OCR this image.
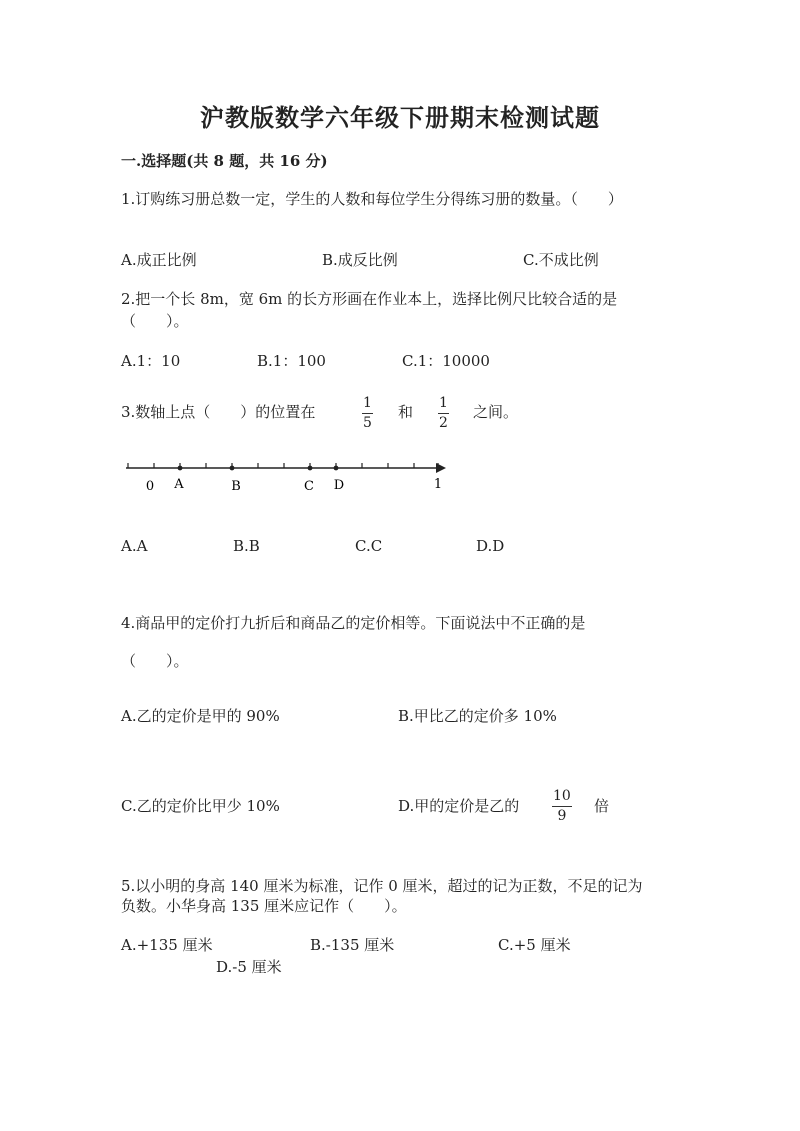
沪教版数学六年级下册期末检测试题
一.选择题(共 8 题，共 16 分)
1.订购练习册总数一定，学生的人数和每位学生分得练习册的数量。（　　）
A.成正比例	B.成反比例	C.不成比例
2.把一个长 8m，宽 6m 的长方形画在作业本上，选择比例尺比较合适的是
（　　）。
A.1：10	B.1：100	C.1：10000
3.数轴上点（　　）的位置在	1
5
和 1
2
之间。
0 A	B	C D	1
A.A	B.B	C.C	D.D
4.商品甲的定价打九折后和商品乙的定价相等。下面说法中不正确的是
（　　）。
A.乙的定价是甲的 90%	B.甲比乙的定价多 10%
C.乙的定价比甲少 10%	D.甲的定价是乙的
10
9
倍
5.以小明的身高 140 厘米为标准，记作 0 厘米，超过的记为正数，不足的记为
负数。小华身高 135 厘米应记作（　　）。
A.+135 厘米	B.-135 厘米	C.+5 厘米
D.-5 厘米
